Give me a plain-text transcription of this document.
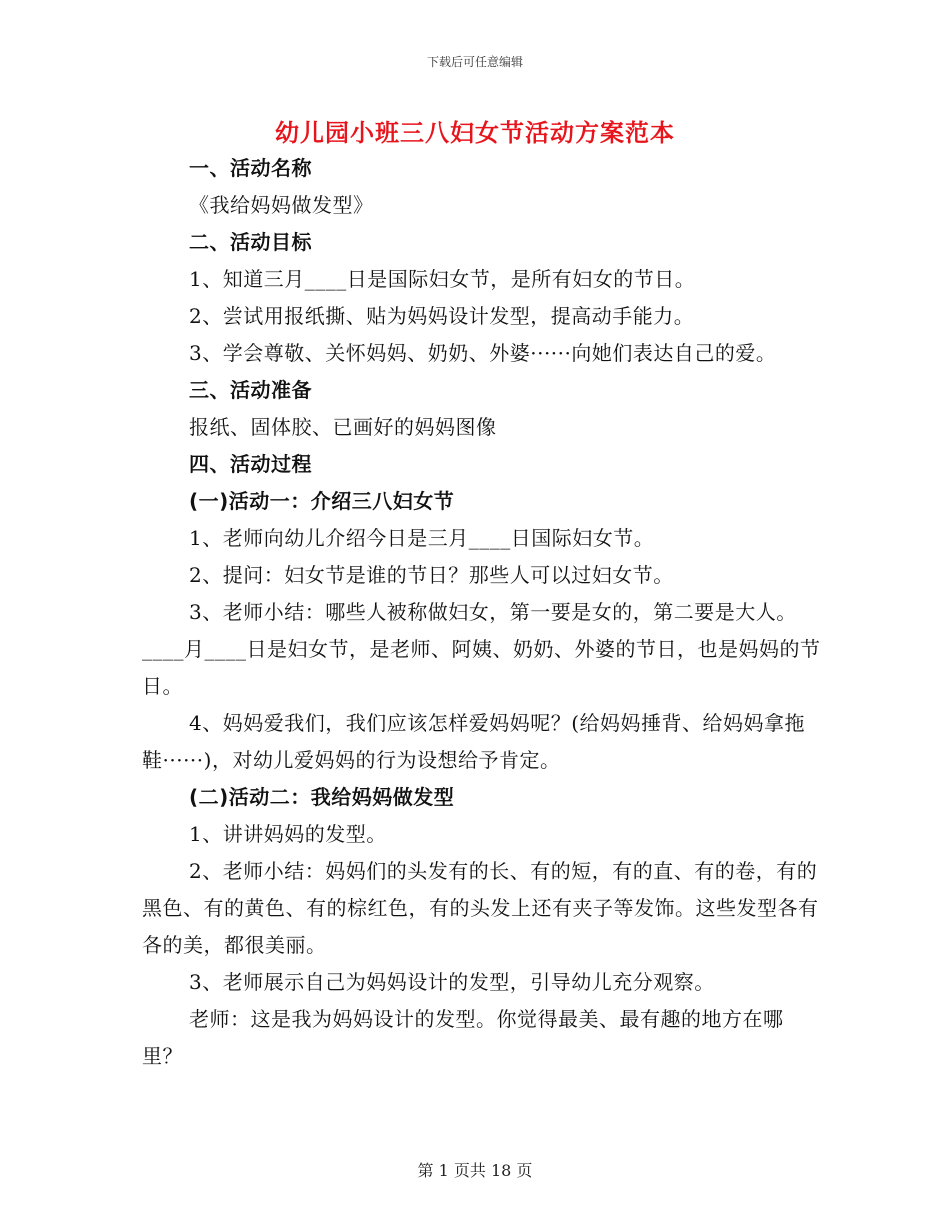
下载后可任意编辑
幼儿园小班三八妇女节活动方案范本

一、活动名称

《我给妈妈做发型》

二、活动目标

1、知道三月____日是国际妇女节，是所有妇女的节日。

2、尝试用报纸撕、贴为妈妈设计发型，提高动手能力。

3、学会尊敬、关怀妈妈、奶奶、外婆······向她们表达自己的爱。

三、活动准备

报纸、固体胶、已画好的妈妈图像

四、活动过程

(一)活动一：介绍三八妇女节

1、老师向幼儿介绍今日是三月____日国际妇女节。

2、提问：妇女节是谁的节日？那些人可以过妇女节。

3、老师小结：哪些人被称做妇女，第一要是女的，第二要是大人。____月____日是妇女节，是老师、阿姨、奶奶、外婆的节日，也是妈妈的节日。

4、妈妈爱我们，我们应该怎样爱妈妈呢？(给妈妈捶背、给妈妈拿拖鞋······)，对幼儿爱妈妈的行为设想给予肯定。

(二)活动二：我给妈妈做发型

1、讲讲妈妈的发型。

2、老师小结：妈妈们的头发有的长、有的短，有的直、有的卷，有的黑色、有的黄色、有的棕红色，有的头发上还有夹子等发饰。这些发型各有各的美，都很美丽。

3、老师展示自己为妈妈设计的发型，引导幼儿充分观察。

老师：这是我为妈妈设计的发型。你觉得最美、最有趣的地方在哪里？

第 1 页共 18 页
